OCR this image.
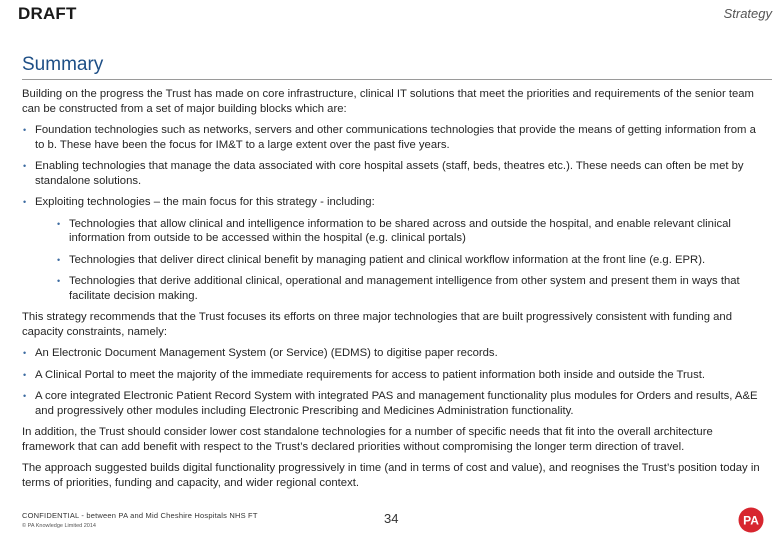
DRAFT	Strategy
Summary

Building on the progress the Trust has made on core infrastructure, clinical IT solutions that meet the priorities and requirements of the senior team can be constructed from a set of major building blocks which are:

• Foundation technologies such as networks, servers and other communications technologies that provide the means of getting information from a to b. These have been the focus for IM&T to a large extent over the past five years.
• Enabling technologies that manage the data associated with core hospital assets (staff, beds, theatres etc.). These needs can often be met by standalone solutions.
• Exploiting technologies – the main focus for this strategy - including:
• Technologies that allow clinical and intelligence information to be shared across and outside the hospital, and enable relevant clinical information from outside to be accessed within the hospital (e.g. clinical portals)
• Technologies that deliver direct clinical benefit by managing patient and clinical workflow information at the front line (e.g. EPR).
• Technologies that derive additional clinical, operational and management intelligence from other system and present them in ways that facilitate decision making.

This strategy recommends that the Trust focuses its efforts on three major technologies that are built progressively consistent with funding and capacity constraints, namely:

• An Electronic Document Management System (or Service) (EDMS) to digitise paper records.
• A Clinical Portal to meet the majority of the immediate requirements for access to patient information both inside and outside the Trust.
• A core integrated Electronic Patient Record System with integrated PAS and management functionality plus modules for Orders and results, A&E and progressively other modules including Electronic Prescribing and Medicines Administration functionality.

In addition, the Trust should consider lower cost standalone technologies for a number of specific needs that fit into the overall architecture framework that can add benefit with respect to the Trust’s declared priorities without compromising the longer term direction of travel.

The approach suggested builds digital functionality progressively in time (and in terms of cost and value), and reognises the Trust’s position today in terms of priorities, funding and capacity, and wider regional context.

CONFIDENTIAL - between PA and Mid Cheshire Hospitals NHS FT
© PA Knowledge Limited 2014	34	PA
